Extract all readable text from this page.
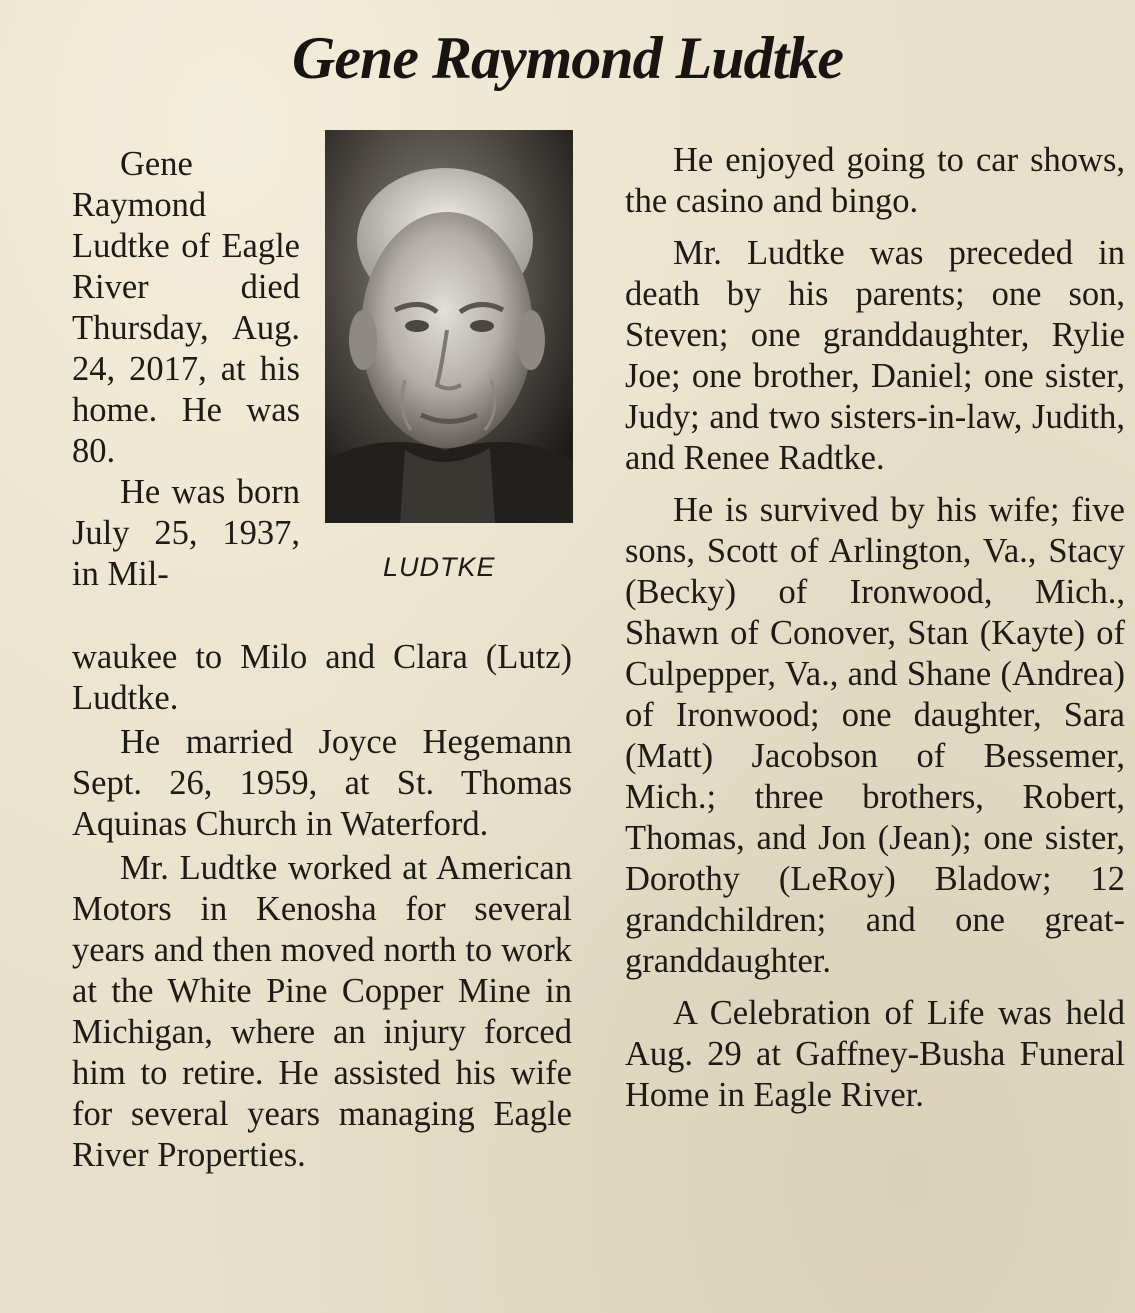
Gene Raymond Ludtke
LUDTKE

Gene Raymond Ludtke of Eagle River died Thursday, Aug. 24, 2017, at his home. He was 80.

He was born July 25, 1937, in Mil-

waukee to Milo and Clara (Lutz) Ludtke.

He married Joyce Hegemann Sept. 26, 1959, at St. Thomas Aquinas Church in Waterford.

Mr. Ludtke worked at American Motors in Kenosha for several years and then moved north to work at the White Pine Copper Mine in Michigan, where an injury forced him to retire. He assisted his wife for several years managing Eagle River Properties.

He enjoyed going to car shows, the casino and bingo.

Mr. Ludtke was preceded in death by his parents; one son, Steven; one granddaughter, Rylie Joe; one brother, Daniel; one sister, Judy; and two sisters-in-law, Judith, and Renee Radtke.

He is survived by his wife; five sons, Scott of Arlington, Va., Stacy (Becky) of Ironwood, Mich., Shawn of Conover, Stan (Kayte) of Culpepper, Va., and Shane (Andrea) of Ironwood; one daughter, Sara (Matt) Jacobson of Bessemer, Mich.; three brothers, Robert, Thomas, and Jon (Jean); one sister, Dorothy (LeRoy) Bladow; 12 grandchildren; and one great-granddaughter.

A Celebration of Life was held Aug. 29 at Gaffney-Busha Funeral Home in Eagle River.
